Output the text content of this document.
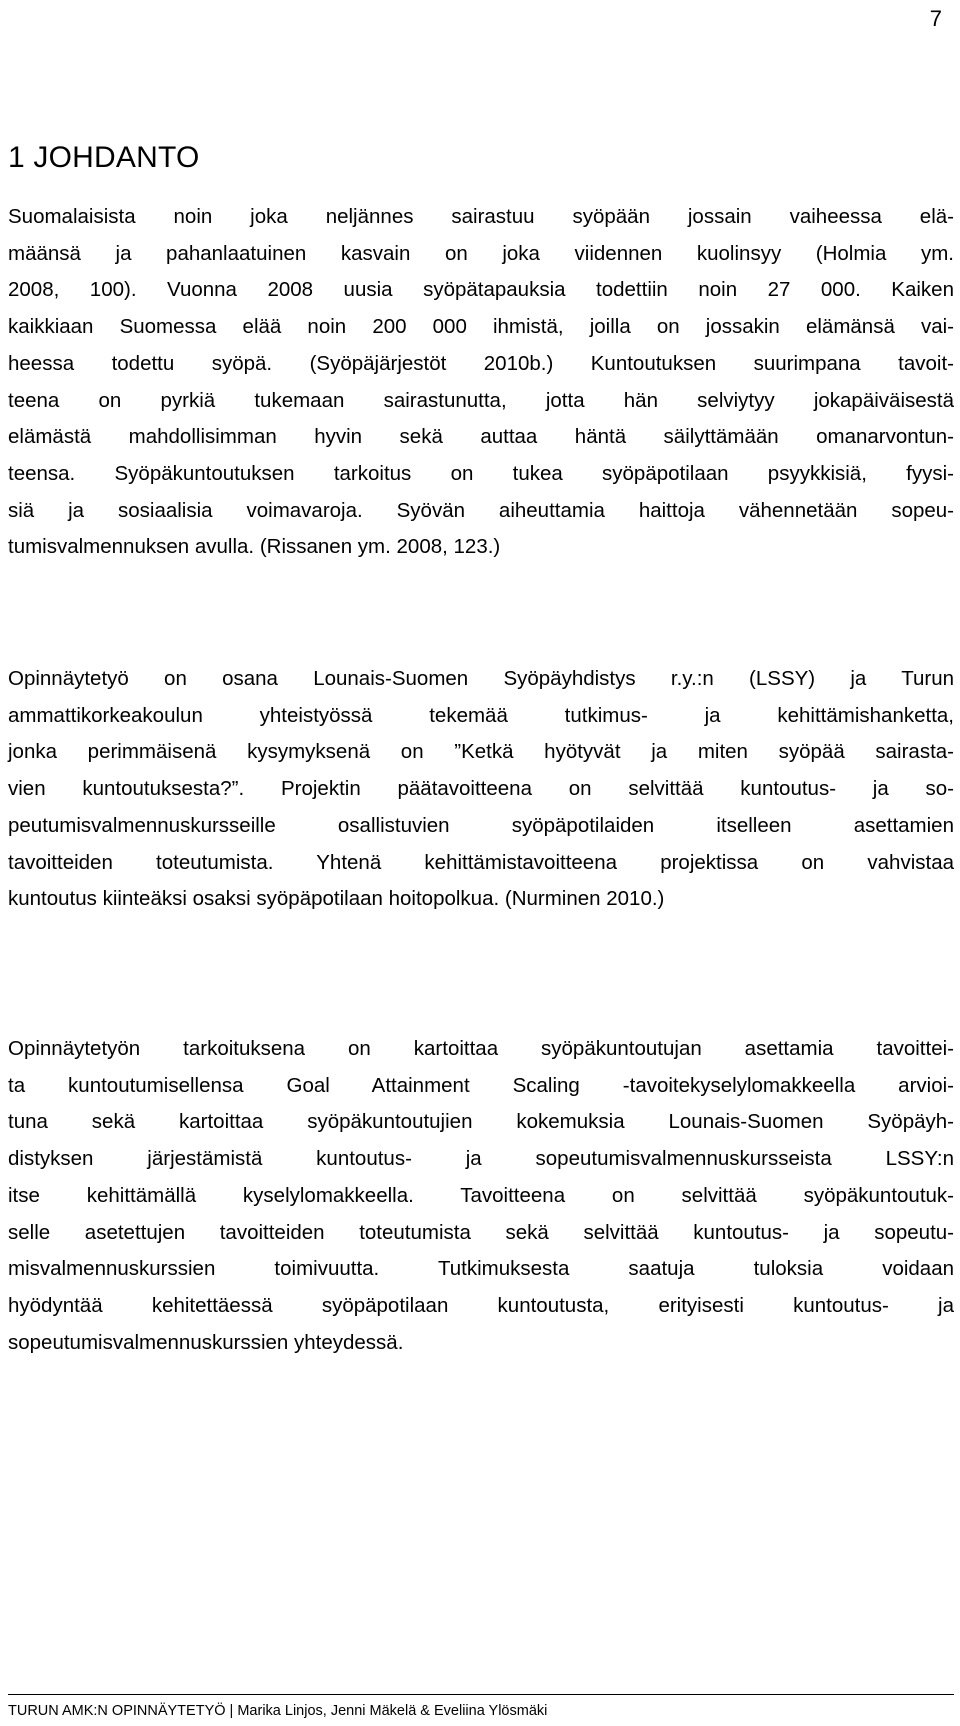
7

1 JOHDANTO

Suomalaisista noin joka neljännes sairastuu syöpään jossain vaiheessa elä-
määnsä ja pahanlaatuinen kasvain on joka viidennen kuolinsyy (Holmia ym.
2008, 100). Vuonna 2008 uusia syöpätapauksia todettiin noin 27 000. Kaiken
kaikkiaan Suomessa elää noin 200 000 ihmistä, joilla on jossakin elämänsä vai-
heessa todettu syöpä. (Syöpäjärjestöt 2010b.) Kuntoutuksen suurimpana tavoit-
teena on pyrkiä tukemaan sairastunutta, jotta hän selviytyy jokapäiväisestä
elämästä mahdollisimman hyvin sekä auttaa häntä säilyttämään omanarvontun-
teensa. Syöpäkuntoutuksen tarkoitus on tukea syöpäpotilaan psyykkisiä, fyysi-
siä ja sosiaalisia voimavaroja. Syövän aiheuttamia haittoja vähennetään sopeu-
tumisvalmennuksen avulla. (Rissanen ym. 2008, 123.)

Opinnäytetyö on osana Lounais-Suomen Syöpäyhdistys r.y.:n (LSSY) ja Turun
ammattikorkeakoulun yhteistyössä tekemää tutkimus- ja kehittämishanketta,
jonka perimmäisenä kysymyksenä on ”Ketkä hyötyvät ja miten syöpää sairasta-
vien kuntoutuksesta?”. Projektin päätavoitteena on selvittää kuntoutus- ja so-
peutumisvalmennuskursseille osallistuvien syöpäpotilaiden itselleen asettamien
tavoitteiden toteutumista. Yhtenä kehittämistavoitteena projektissa on vahvistaa
kuntoutus kiinteäksi osaksi syöpäpotilaan hoitopolkua. (Nurminen 2010.)

Opinnäytetyön tarkoituksena on kartoittaa syöpäkuntoutujan asettamia tavoittei-
ta kuntoutumisellensa Goal Attainment Scaling -tavoitekyselylomakkeella arvioi-
tuna sekä kartoittaa syöpäkuntoutujien kokemuksia Lounais-Suomen Syöpäyh-
distyksen järjestämistä kuntoutus- ja sopeutumisvalmennuskursseista LSSY:n
itse kehittämällä kyselylomakkeella. Tavoitteena on selvittää syöpäkuntoutuk-
selle asetettujen tavoitteiden toteutumista sekä selvittää kuntoutus- ja sopeutu-
misvalmennuskurssien toimivuutta. Tutkimuksesta saatuja tuloksia voidaan
hyödyntää kehitettäessä syöpäpotilaan kuntoutusta, erityisesti kuntoutus- ja
sopeutumisvalmennuskurssien yhteydessä.

TURUN AMK:N OPINNÄYTETYÖ | Marika Linjos, Jenni Mäkelä & Eveliina Ylösmäki
